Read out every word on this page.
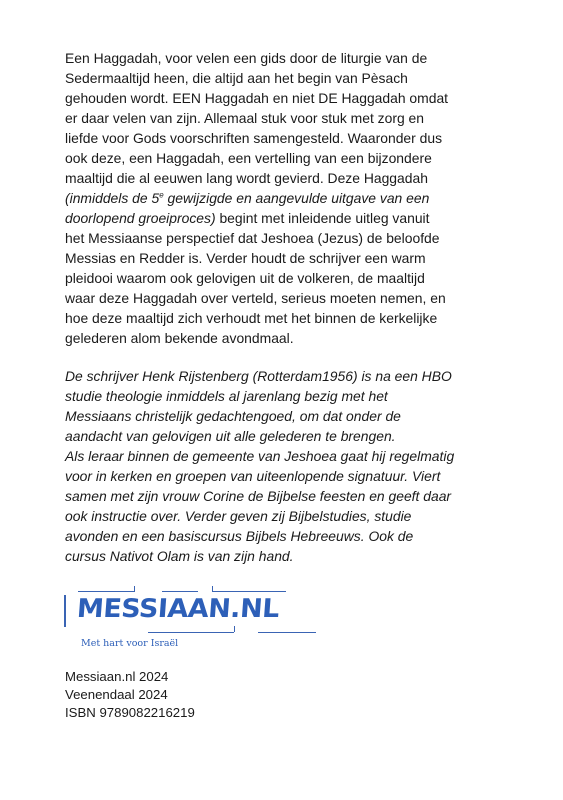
Een Haggadah, voor velen een gids door de liturgie van de
Sedermaaltijd heen, die altijd aan het begin van Pèsach
gehouden wordt. EEN Haggadah en niet DE Haggadah omdat
er daar velen van zijn. Allemaal stuk voor stuk met zorg en
liefde voor Gods voorschriften samengesteld. Waaronder dus
ook deze, een Haggadah, een vertelling van een bijzondere
maaltijd die al eeuwen lang wordt gevierd. Deze Haggadah
(inmiddels de 5e gewijzigde en aangevulde uitgave van een
doorlopend groeiproces) begint met inleidende uitleg vanuit
het Messiaanse perspectief dat Jeshoea (Jezus) de beloofde
Messias en Redder is. Verder houdt de schrijver een warm
pleidooi waarom ook gelovigen uit de volkeren, de maaltijd
waar deze Haggadah over verteld, serieus moeten nemen, en
hoe deze maaltijd zich verhoudt met het binnen de kerkelijke
gelederen alom bekende avondmaal.
De schrijver Henk Rijstenberg (Rotterdam1956) is na een HBO
studie theologie inmiddels al jarenlang bezig met het
Messiaans christelijk gedachtengoed, om dat onder de
aandacht van gelovigen uit alle gelederen te brengen.
Als leraar binnen de gemeente van Jeshoea gaat hij regelmatig
voor in kerken en groepen van uiteenlopende signatuur. Viert
samen met zijn vrouw Corine de Bijbelse feesten en geeft daar
ook instructie over. Verder geven zij Bijbelstudies, studie
avonden en een basiscursus Bijbels Hebreeuws. Ook de
cursus Nativot Olam is van zijn hand.
MESSIAAN.NL
Met hart voor Israël
Messiaan.nl 2024
Veenendaal 2024
ISBN 9789082216219
